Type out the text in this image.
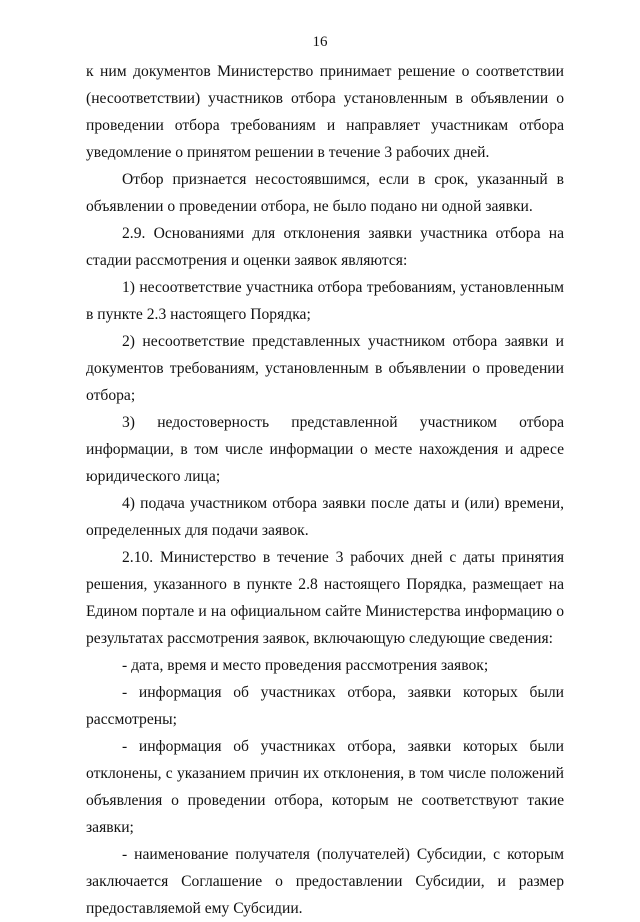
16

к ним документов Министерство принимает решение о соответствии (несоответствии) участников отбора установленным в объявлении о проведении отбора требованиям и направляет участникам отбора уведомление о принятом решении в течение 3 рабочих дней.

Отбор признается несостоявшимся, если в срок, указанный в объявлении о проведении отбора, не было подано ни одной заявки.

2.9. Основаниями для отклонения заявки участника отбора на стадии рассмотрения и оценки заявок являются:

1) несоответствие участника отбора требованиям, установленным в пункте 2.3 настоящего Порядка;

2) несоответствие представленных участником отбора заявки и документов требованиям, установленным в объявлении о проведении отбора;

3) недостоверность представленной участником отбора информации, в том числе информации о месте нахождения и адресе юридического лица;

4) подача участником отбора заявки после даты и (или) времени, определенных для подачи заявок.

2.10. Министерство в течение 3 рабочих дней с даты принятия решения, указанного в пункте 2.8 настоящего Порядка, размещает на Едином портале и на официальном сайте Министерства информацию о результатах рассмотрения заявок, включающую следующие сведения:

- дата, время и место проведения рассмотрения заявок;

- информация об участниках отбора, заявки которых были рассмотрены;

- информация об участниках отбора, заявки которых были отклонены, с указанием причин их отклонения, в том числе положений объявления о проведении отбора, которым не соответствуют такие заявки;

- наименование получателя (получателей) Субсидии, с которым заключается Соглашение о предоставлении Субсидии, и размер предоставляемой ему Субсидии.
